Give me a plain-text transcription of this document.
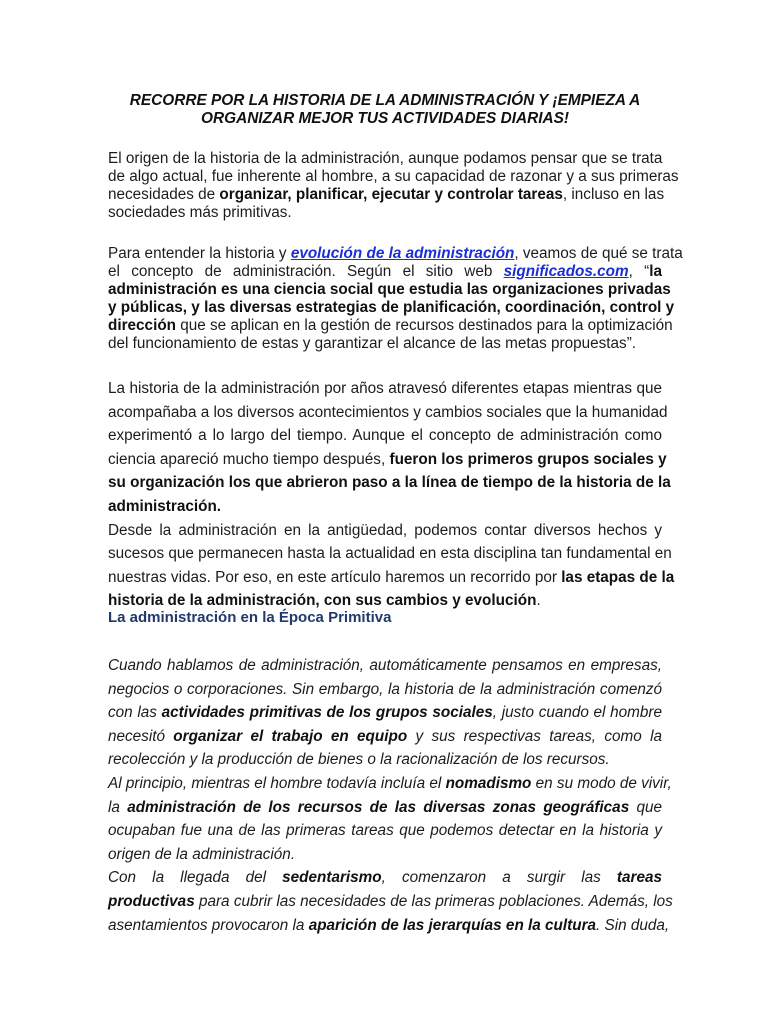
RECORRE POR LA HISTORIA DE LA ADMINISTRACIÓN Y ¡EMPIEZA A
ORGANIZAR MEJOR TUS ACTIVIDADES DIARIAS!
El origen de la historia de la administración, aunque podamos pensar que se trata
de algo actual, fue inherente al hombre, a su capacidad de razonar y a sus primeras
necesidades de organizar, planificar, ejecutar y controlar tareas, incluso en las
sociedades más primitivas.
Para entender la historia y evolución de la administración, veamos de qué se trata
el concepto de administración. Según el sitio web significados.com, “la
administración es una ciencia social que estudia las organizaciones privadas
y públicas, y las diversas estrategias de planificación, coordinación, control y
dirección que se aplican en la gestión de recursos destinados para la optimización
del funcionamiento de estas y garantizar el alcance de las metas propuestas”.
La historia de la administración por años atravesó diferentes etapas mientras que
acompañaba a los diversos acontecimientos y cambios sociales que la humanidad
experimentó a lo largo del tiempo. Aunque el concepto de administración como
ciencia apareció mucho tiempo después, fueron los primeros grupos sociales y
su organización los que abrieron paso a la línea de tiempo de la historia de la
administración.
Desde la administración en la antigüedad, podemos contar diversos hechos y
sucesos que permanecen hasta la actualidad en esta disciplina tan fundamental en
nuestras vidas. Por eso, en este artículo haremos un recorrido por las etapas de la
historia de la administración, con sus cambios y evolución.
La administración en la Época Primitiva
Cuando hablamos de administración, automáticamente pensamos en empresas,
negocios o corporaciones. Sin embargo, la historia de la administración comenzó
con las actividades primitivas de los grupos sociales, justo cuando el hombre
necesitó organizar el trabajo en equipo y sus respectivas tareas, como la
recolección y la producción de bienes o la racionalización de los recursos.
Al principio, mientras el hombre todavía incluía el nomadismo en su modo de vivir,
la administración de los recursos de las diversas zonas geográficas que
ocupaban fue una de las primeras tareas que podemos detectar en la historia y
origen de la administración.
Con la llegada del sedentarismo, comenzaron a surgir las tareas
productivas para cubrir las necesidades de las primeras poblaciones. Además, los
asentamientos provocaron la aparición de las jerarquías en la cultura. Sin duda,
